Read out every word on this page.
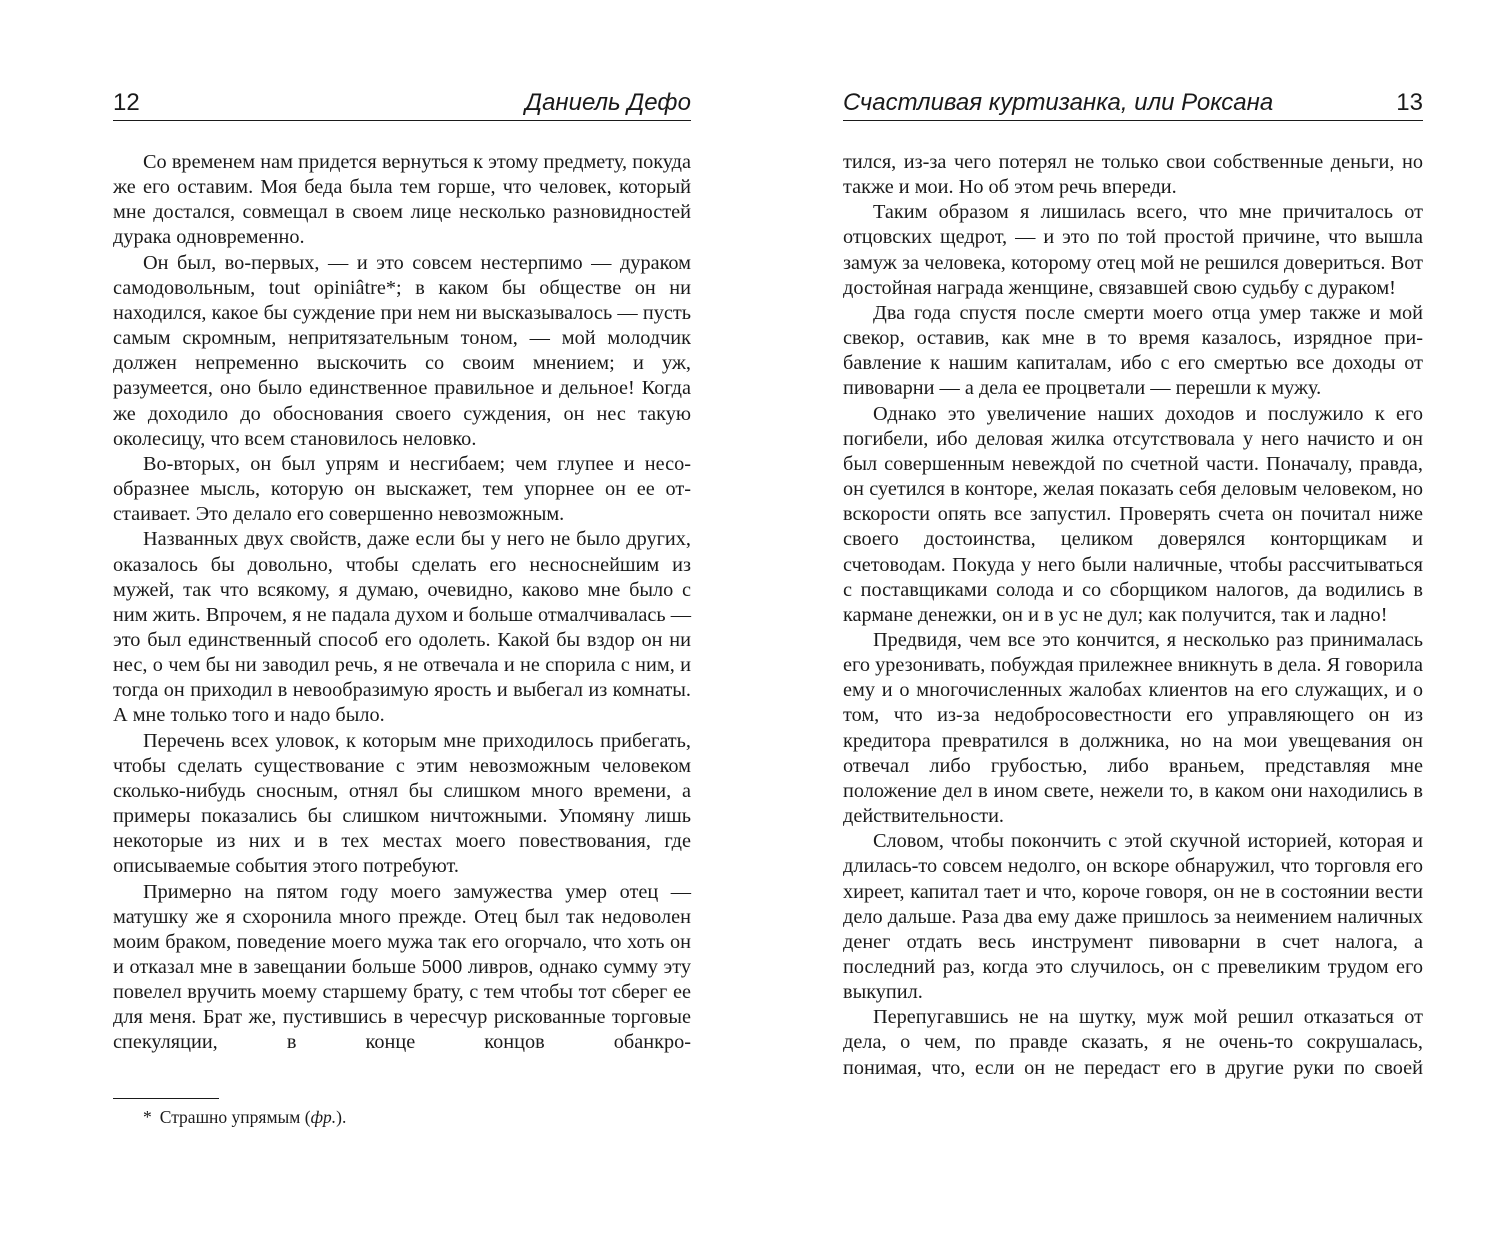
12	Даниель Дефо

Со временем нам придется вернуться к этому предмету, покуда же его оставим. Моя беда была тем горше, что человек, который мне достался, совмещал в своем лице несколько разновидностей дурака одновременно.

Он был, во-первых, — и это совсем нестерпимо — дураком самодовольным, tout opiniâtre*; в каком бы обществе он ни находился, какое бы суждение при нем ни высказывалось — пусть самым скромным, непритязательным тоном, — мой молодчик должен непременно выскочить со своим мнением; и уж, разумеется, оно было единственное правильное и дельное! Когда же доходило до обоснования своего суждения, он нес такую околесицу, что всем становилось неловко.

Во-вторых, он был упрям и несгибаем; чем глупее и несообразнее мысль, которую он выскажет, тем упорнее он ее отстаивает. Это делало его совершенно невозможным.

Названных двух свойств, даже если бы у него не было других, оказалось бы довольно, чтобы сделать его несноснейшим из мужей, так что всякому, я думаю, очевидно, каково мне было с ним жить. Впрочем, я не падала духом и больше отмалчивалась — это был единственный способ его одолеть. Какой бы вздор он ни нес, о чем бы ни заводил речь, я не отвечала и не спорила с ним, и тогда он приходил в невообразимую ярость и выбегал из комнаты. А мне только того и надо было.

Перечень всех уловок, к которым мне приходилось прибегать, чтобы сделать существование с этим невозможным человеком сколько-нибудь сносным, отнял бы слишком много времени, а примеры показались бы слишком ничтожными. Упомяну лишь некоторые из них и в тех местах моего повествования, где описываемые события этого потребуют.

Примерно на пятом году моего замужества умер отец — матушку же я схоронила много прежде. Отец был так недоволен моим браком, поведение моего мужа так его огорчало, что хоть он и отказал мне в завещании больше 5000 ливров, однако сумму эту повелел вручить моему старшему брату, с тем чтобы тот сберег ее для меня. Брат же, пустившись в чересчур рискованные торговые спекуляции, в конце концов обанкро-

* Страшно упрямым (фр.).
Счастливая куртизанка, или Роксана	13

тился, из-за чего потерял не только свои собственные деньги, но также и мои. Но об этом речь впереди.

Таким образом я лишилась всего, что мне причиталось от отцовских щедрот, — и это по той простой причине, что вышла замуж за человека, которому отец мой не решился довериться. Вот достойная награда женщине, связавшей свою судьбу с дураком!

Два года спустя после смерти моего отца умер также и мой свекор, оставив, как мне в то время казалось, изрядное прибавление к нашим капиталам, ибо с его смертью все доходы от пивоварни — а дела ее процветали — перешли к мужу.

Однако это увеличение наших доходов и послужило к его погибели, ибо деловая жилка отсутствовала у него начисто и он был совершенным невеждой по счетной части. Поначалу, правда, он суетился в конторе, желая показать себя деловым человеком, но вскорости опять все запустил. Проверять счета он почитал ниже своего достоинства, целиком доверялся конторщикам и счетоводам. Покуда у него были наличные, чтобы рассчитываться с поставщиками солода и со сборщиком налогов, да водились в кармане денежки, он и в ус не дул; как получится, так и ладно!

Предвидя, чем все это кончится, я несколько раз принималась его урезонивать, побуждая прилежнее вникнуть в дела. Я говорила ему и о многочисленных жалобах клиентов на его служащих, и о том, что из-за недобросовестности его управляющего он из кредитора превратился в должника, но на мои увещевания он отвечал либо грубостью, либо враньем, представляя мне положение дел в ином свете, нежели то, в каком они находились в действительности.

Словом, чтобы покончить с этой скучной историей, которая и длилась-то совсем недолго, он вскоре обнаружил, что торговля его хиреет, капитал тает и что, короче говоря, он не в состоянии вести дело дальше. Раза два ему даже пришлось за неимением наличных денег отдать весь инструмент пивоварни в счет налога, а последний раз, когда это случилось, он с превеликим трудом его выкупил.

Перепугавшись не на шутку, муж мой решил отказаться от дела, о чем, по правде сказать, я не очень-то сокрушалась, понимая, что, если он не передаст его в другие руки по своей
